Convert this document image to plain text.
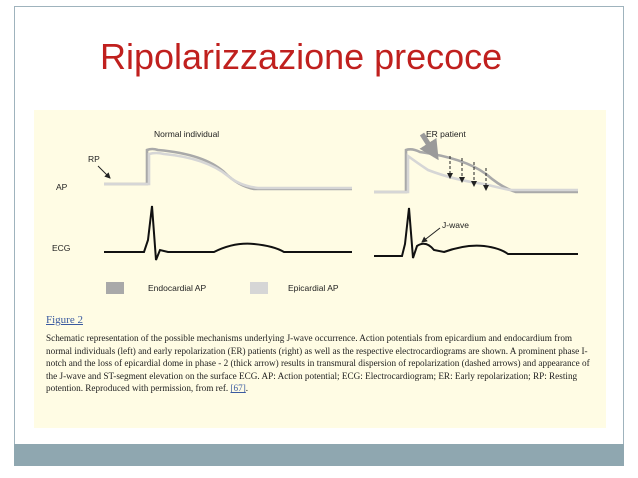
Ripolarizzazione precoce
Normal individual	ER patient
RP
AP
ECG
J-wave
Endocardial AP	Epicardial AP
Figure 2
Schematic representation of the possible mechanisms underlying J-wave occurrence. Action potentials from epicardium and endocardium from normal individuals (left) and early repolarization (ER) patients (right) as well as the respective electrocardiograms are shown. A prominent phase I-notch and the loss of epicardial dome in phase - 2 (thick arrow) results in transmural dispersion of repolarization (dashed arrows) and appearance of the J-wave and ST-segment elevation on the surface ECG. AP: Action potential; ECG: Electrocardiogram; ER: Early repolarization; RP: Resting potention. Reproduced with permission, from ref. [67].
